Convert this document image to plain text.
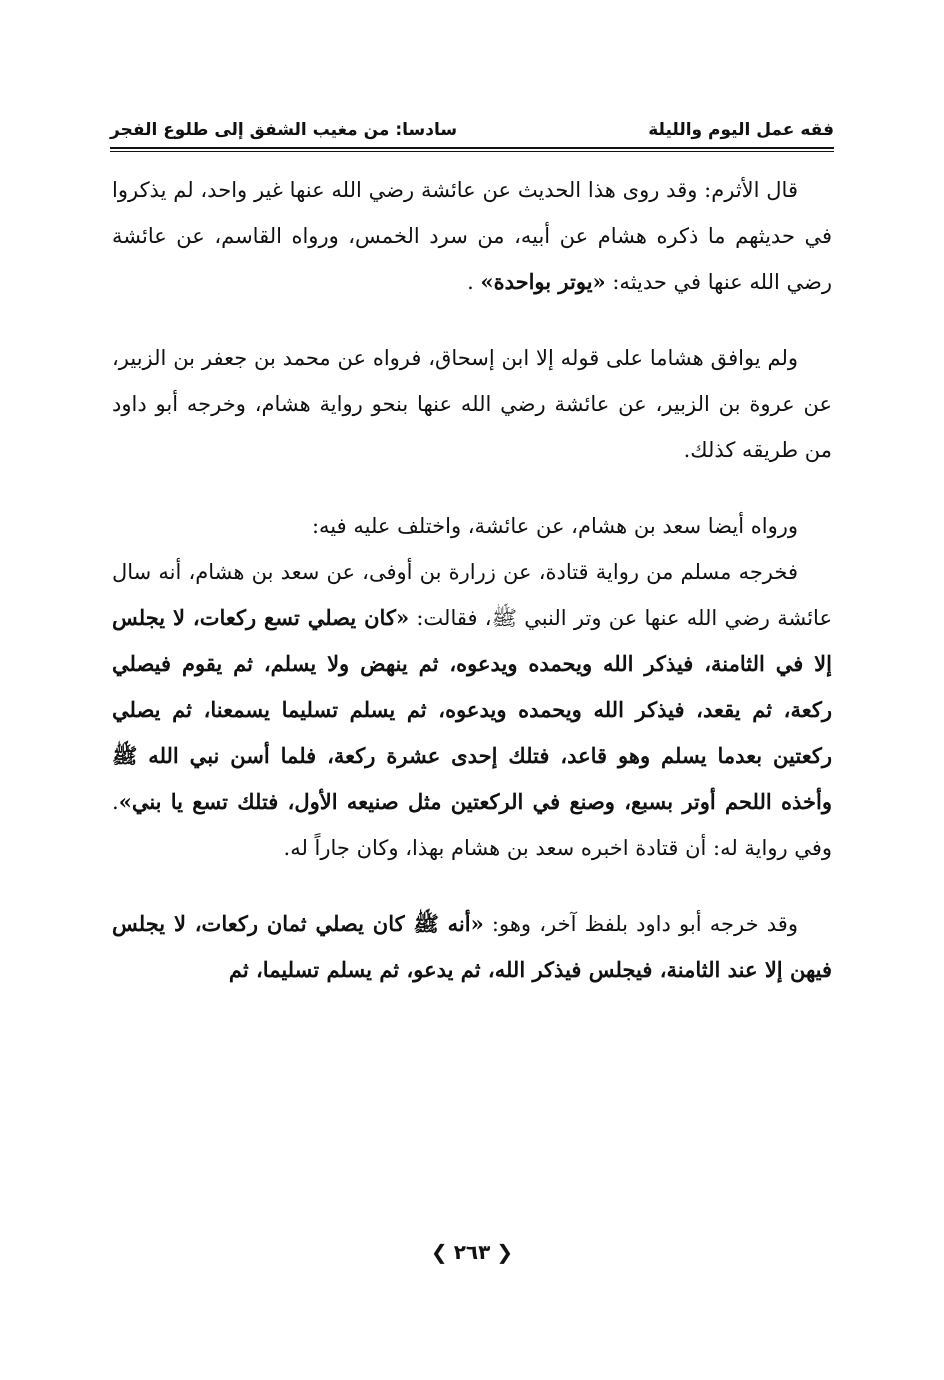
فقه عمل اليوم والليلة
سادسا: من مغيب الشفق إلى طلوع الفجر

قال الأثرم: وقد روى هذا الحديث عن عائشة رضي الله عنها غير واحد، لم يذكروا في حديثهم ما ذكره هشام عن أبيه، من سرد الخمس، ورواه القاسم، عن عائشة رضي الله عنها في حديثه: «يوتر بواحدة» .

ولم يوافق هشاما على قوله إلا ابن إسحاق، فرواه عن محمد بن جعفر بن الزبير، عن عروة بن الزبير، عن عائشة رضي الله عنها بنحو رواية هشام، وخرجه أبو داود من طريقه كذلك.

ورواه أيضا سعد بن هشام، عن عائشة، واختلف عليه فيه:

فخرجه مسلم من رواية قتادة، عن زرارة بن أوفى، عن سعد بن هشام، أنه سال عائشة رضي الله عنها عن وتر النبي ﷺ، فقالت: «كان يصلي تسع ركعات، لا يجلس إلا في الثامنة، فيذكر الله ويحمده ويدعوه، ثم ينهض ولا يسلم، ثم يقوم فيصلي ركعة، ثم يقعد، فيذكر الله ويحمده ويدعوه، ثم يسلم تسليما يسمعنا، ثم يصلي ركعتين بعدما يسلم وهو قاعد، فتلك إحدى عشرة ركعة، فلما أسن نبي الله ﷺ وأخذه اللحم أوتر بسبع، وصنع في الركعتين مثل صنيعه الأول، فتلك تسع يا بني». وفي رواية له: أن قتادة اخبره سعد بن هشام بهذا، وكان جاراً له.

وقد خرجه أبو داود بلفظ آخر، وهو: «أنه ﷺ كان يصلي ثمان ركعات، لا يجلس فيهن إلا عند الثامنة، فيجلس فيذكر الله، ثم يدعو، ثم يسلم تسليما، ثم

❮ ٢٦٣ ❯
